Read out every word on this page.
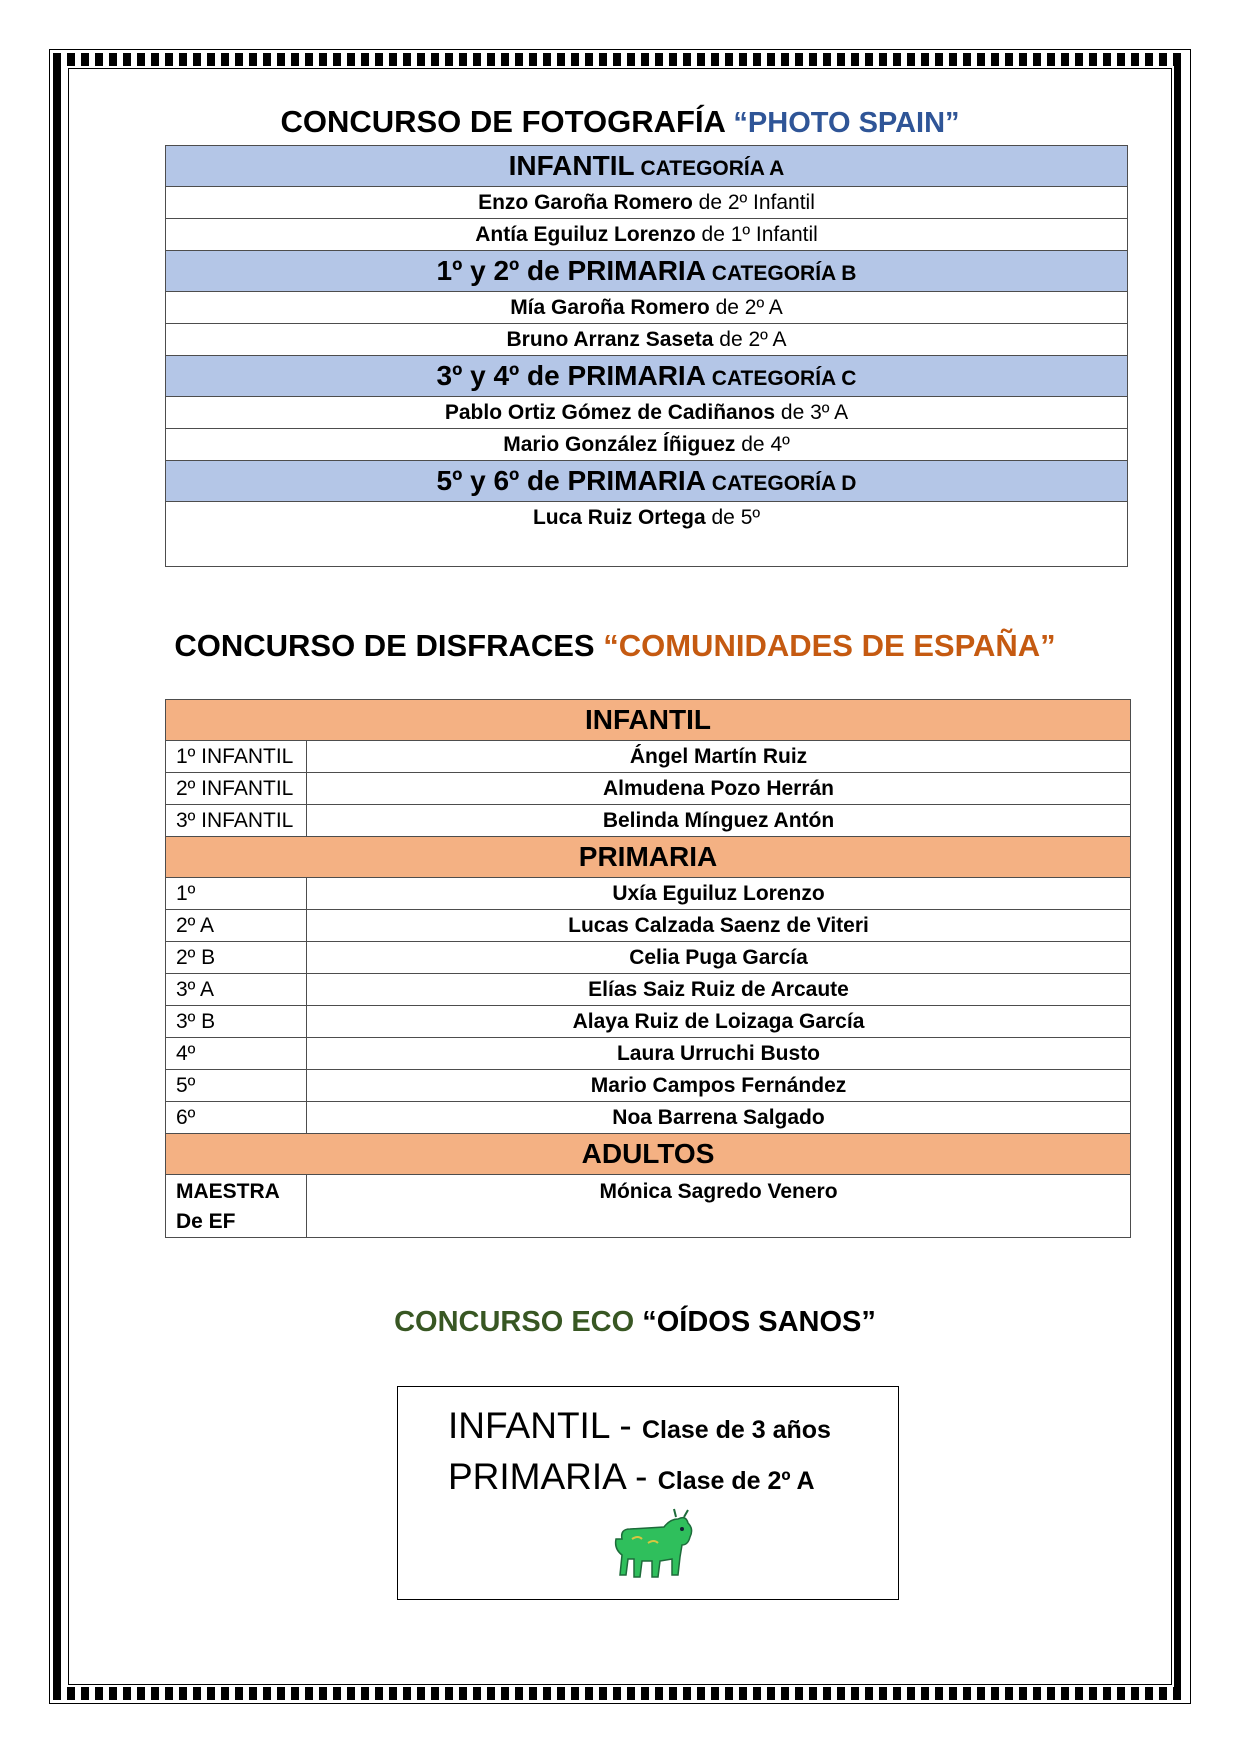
CONCURSO DE FOTOGRAFÍA “PHOTO SPAIN”
INFANTIL CATEGORÍA A
Enzo Garoña Romero de 2º Infantil
Antía Eguiluz Lorenzo de 1º Infantil
1º y 2º de PRIMARIA CATEGORÍA B
Mía Garoña Romero de 2º A
Bruno Arranz Saseta de 2º A
3º y 4º de PRIMARIA CATEGORÍA C
Pablo Ortiz Gómez de Cadiñanos de 3º A
Mario González Íñiguez de 4º
5º y 6º de PRIMARIA CATEGORÍA D
Luca Ruiz Ortega de 5º
CONCURSO DE DISFRACES “COMUNIDADES DE ESPAÑA”
INFANTIL	
1º INFANTIL	Ángel Martín Ruiz
2º INFANTIL	Almudena Pozo Herrán
3º INFANTIL	Belinda Mínguez Antón
PRIMARIA	
1º	Uxía Eguiluz Lorenzo
2º A	Lucas Calzada Saenz de Viteri
2º B	Celia Puga García
3º A	Elías Saiz Ruiz de Arcaute
3º B	Alaya Ruiz de Loizaga García
4º	Laura Urruchi Busto
5º	Mario Campos Fernández
6º	Noa Barrena Salgado
ADULTOS	
MAESTRA
De EF	Mónica Sagredo Venero
CONCURSO ECO “OÍDOS SANOS”
INFANTIL - Clase de 3 años
PRIMARIA - Clase de 2º A
